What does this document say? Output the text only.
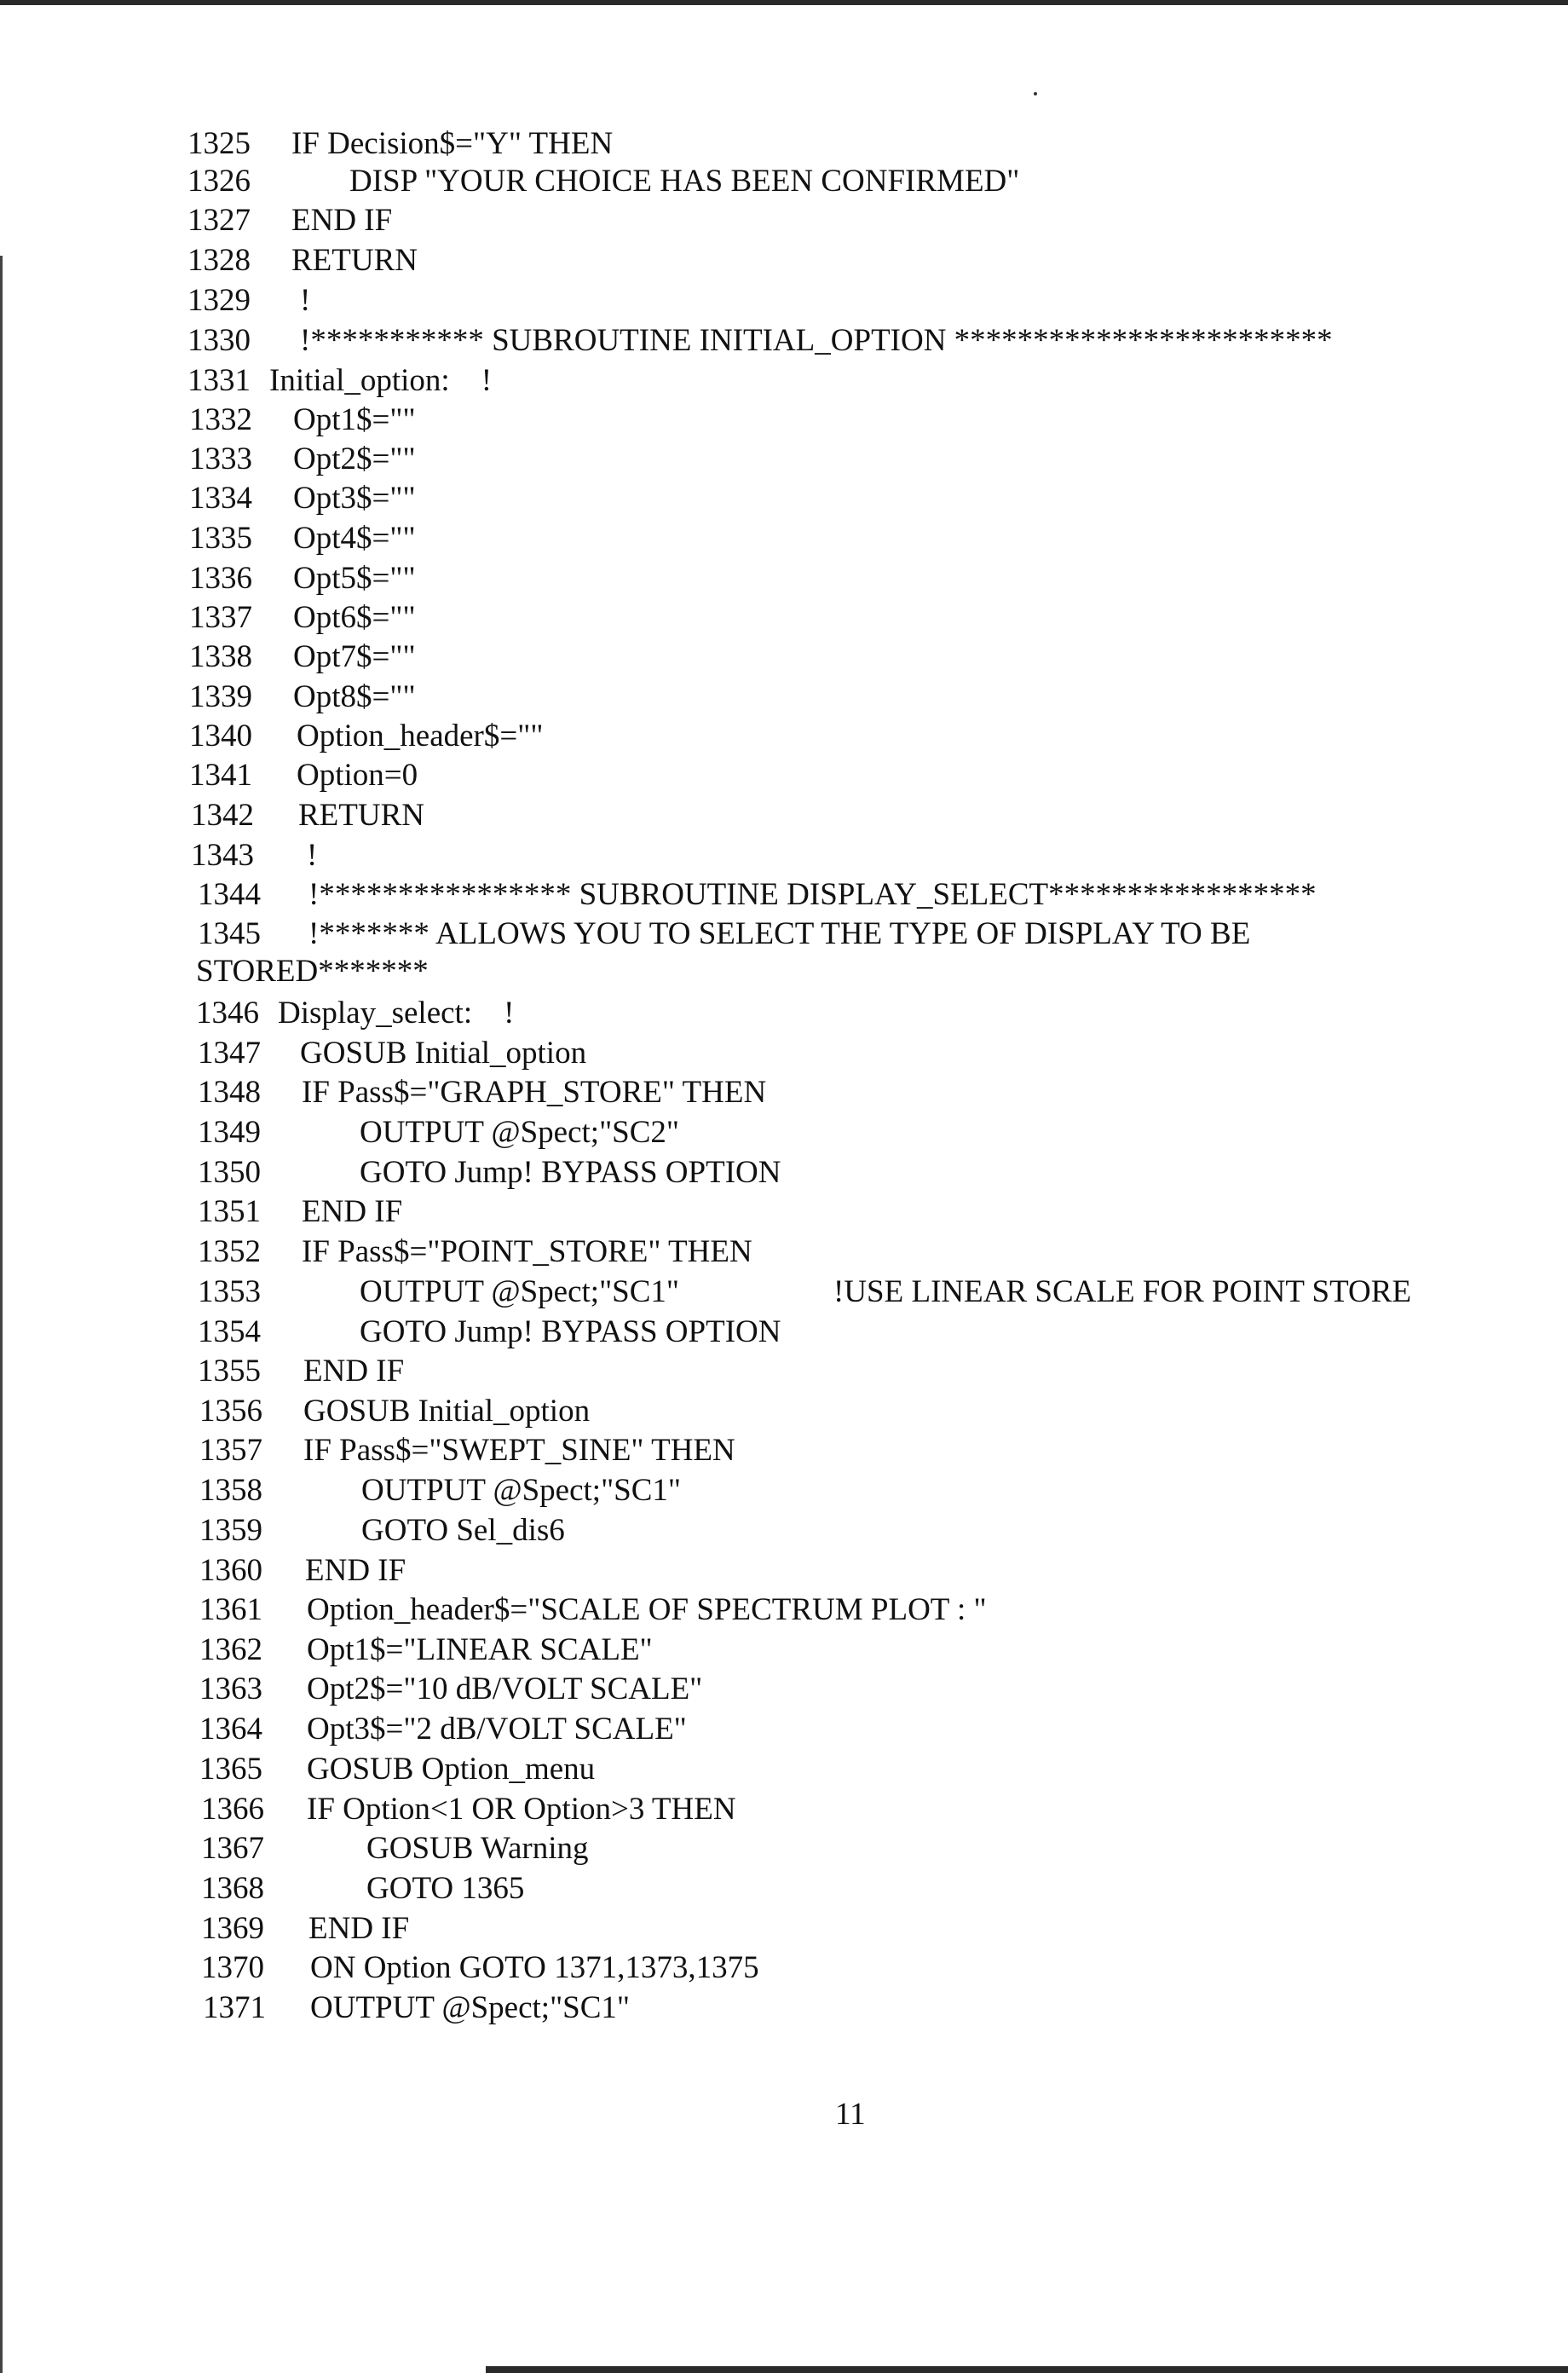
1325 IF Decision$="Y" THEN
1326	DISP "YOUR CHOICE HAS BEEN CONFIRMED"
1327 END IF
1328 RETURN
1329 !
1330 !*********** SUBROUTINE INITIAL_OPTION ************************
1331 Initial_option:    !
1332 Opt1$=""
1333 Opt2$=""
1334 Opt3$=""
1335 Opt4$=""
1336 Opt5$=""
1337 Opt6$=""
1338 Opt7$=""
1339 Opt8$=""
1340 Option_header$=""
1341 Option=0
1342 RETURN
1343 !
1344 !**************** SUBROUTINE DISPLAY_SELECT*****************
1345 !******* ALLOWS YOU TO SELECT THE TYPE OF DISPLAY TO BE
STORED*******
1346 Display_select:    !
1347 GOSUB Initial_option
1348 IF Pass$="GRAPH_STORE" THEN
1349	OUTPUT @Spect;"SC2"
1350	GOTO Jump! BYPASS OPTION
1351 END IF
1352 IF Pass$="POINT_STORE" THEN
1353	OUTPUT @Spect;"SC1"	!USE LINEAR SCALE FOR POINT STORE
1354	GOTO Jump! BYPASS OPTION
1355 END IF
1356 GOSUB Initial_option
1357 IF Pass$="SWEPT_SINE" THEN
1358	OUTPUT @Spect;"SC1"
1359	GOTO Sel_dis6
1360 END IF
1361 Option_header$="SCALE OF SPECTRUM PLOT : "
1362 Opt1$="LINEAR SCALE"
1363 Opt2$="10 dB/VOLT SCALE"
1364 Opt3$="2 dB/VOLT SCALE"
1365 GOSUB Option_menu
1366 IF Option<1 OR Option>3 THEN
1367	GOSUB Warning
1368	GOTO 1365
1369 END IF
1370 ON Option GOTO 1371,1373,1375
1371 OUTPUT @Spect;"SC1"
11
